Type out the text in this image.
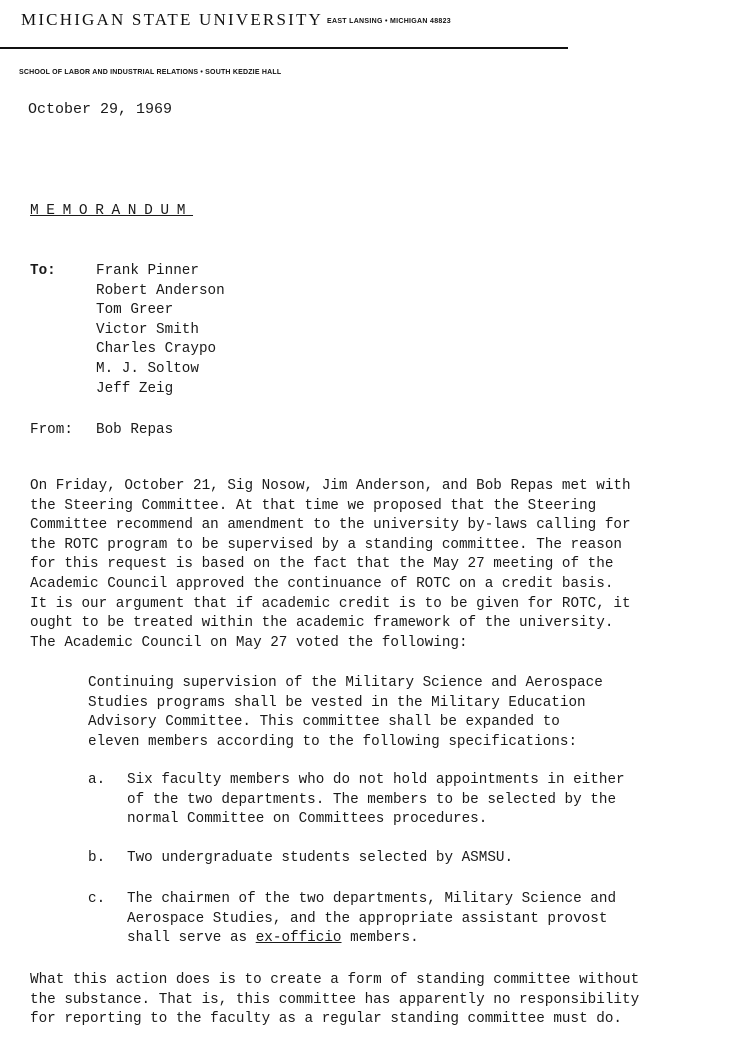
MICHIGAN STATE UNIVERSITY EAST LANSING • MICHIGAN 48823
SCHOOL OF LABOR AND INDUSTRIAL RELATIONS • SOUTH KEDZIE HALL
October 29, 1969
MEMORANDUM
To:	Frank Pinner
Robert Anderson
Tom Greer
Victor Smith
Charles Craypo
M. J. Soltow
Jeff Zeig
From: Bob Repas
On Friday, October 21, Sig Nosow, Jim Anderson, and Bob Repas met with
the Steering Committee. At that time we proposed that the Steering
Committee recommend an amendment to the university by-laws calling for
the ROTC program to be supervised by a standing committee. The reason
for this request is based on the fact that the May 27 meeting of the
Academic Council approved the continuance of ROTC on a credit basis.
It is our argument that if academic credit is to be given for ROTC, it
ought to be treated within the academic framework of the university.
The Academic Council on May 27 voted the following:
Continuing supervision of the Military Science and Aerospace
Studies programs shall be vested in the Military Education
Advisory Committee. This committee shall be expanded to
eleven members according to the following specifications:
a. Six faculty members who do not hold appointments in either
of the two departments. The members to be selected by the
normal Committee on Committees procedures.
b. Two undergraduate students selected by ASMSU.
c. The chairmen of the two departments, Military Science and
Aerospace Studies, and the appropriate assistant provost
shall serve as ex-officio members.
What this action does is to create a form of standing committee without
the substance. That is, this committee has apparently no responsibility
for reporting to the faculty as a regular standing committee must do.
